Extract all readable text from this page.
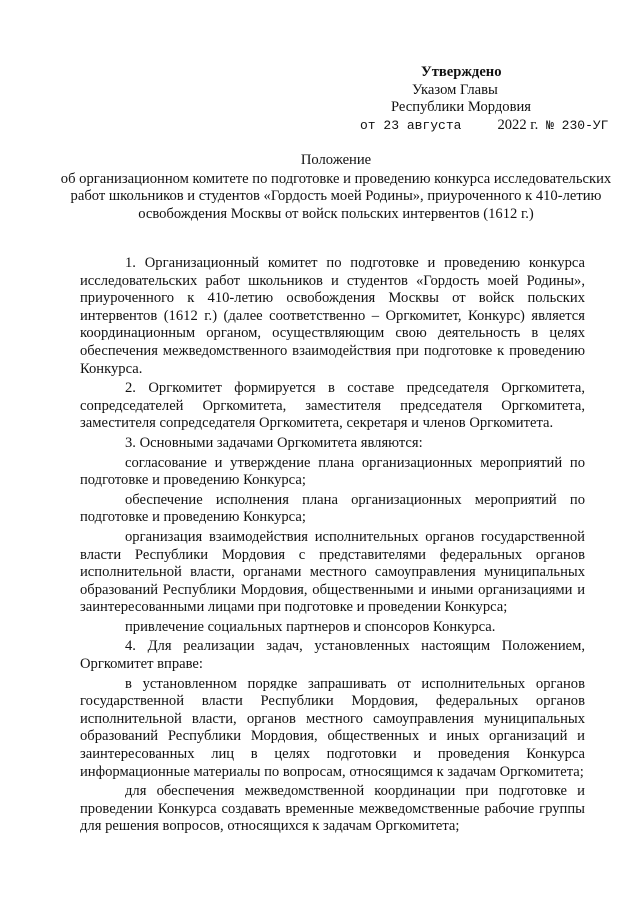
Утверждено
Указом Главы
Республики Мордовия
от 23 августа 2022 г. № 230-УГ
Положение
об организационном комитете по подготовке и проведению конкурса исследовательских работ школьников и студентов «Гордость моей Родины», приуроченного к 410-летию освобождения Москвы от войск польских интервентов (1612 г.)

1. Организационный комитет по подготовке и проведению конкурса исследовательских работ школьников и студентов «Гордость моей Родины», приуроченного к 410-летию освобождения Москвы от войск польских интервентов (1612 г.) (далее соответственно – Оргкомитет, Конкурс) является координационным органом, осуществляющим свою деятельность в целях обеспечения межведомственного взаимодействия при подготовке к проведению Конкурса.

2. Оргкомитет формируется в составе председателя Оргкомитета, сопредседателей Оргкомитета, заместителя председателя Оргкомитета, заместителя сопредседателя Оргкомитета, секретаря и членов Оргкомитета.

3. Основными задачами Оргкомитета являются:

согласование и утверждение плана организационных мероприятий по подготовке и проведению Конкурса;

обеспечение исполнения плана организационных мероприятий по подготовке и проведению Конкурса;

организация взаимодействия исполнительных органов государственной власти Республики Мордовия с представителями федеральных органов исполнительной власти, органами местного самоуправления муниципальных образований Республики Мордовия, общественными и иными организациями и заинтересованными лицами при подготовке и проведении Конкурса;

привлечение социальных партнеров и спонсоров Конкурса.

4. Для реализации задач, установленных настоящим Положением, Оргкомитет вправе:

в установленном порядке запрашивать от исполнительных органов государственной власти Республики Мордовия, федеральных органов исполнительной власти, органов местного самоуправления муниципальных образований Республики Мордовия, общественных и иных организаций и заинтересованных лиц в целях подготовки и проведения Конкурса информационные материалы по вопросам, относящимся к задачам Оргкомитета;

для обеспечения межведомственной координации при подготовке и проведении Конкурса создавать временные межведомственные рабочие группы для решения вопросов, относящихся к задачам Оргкомитета;
